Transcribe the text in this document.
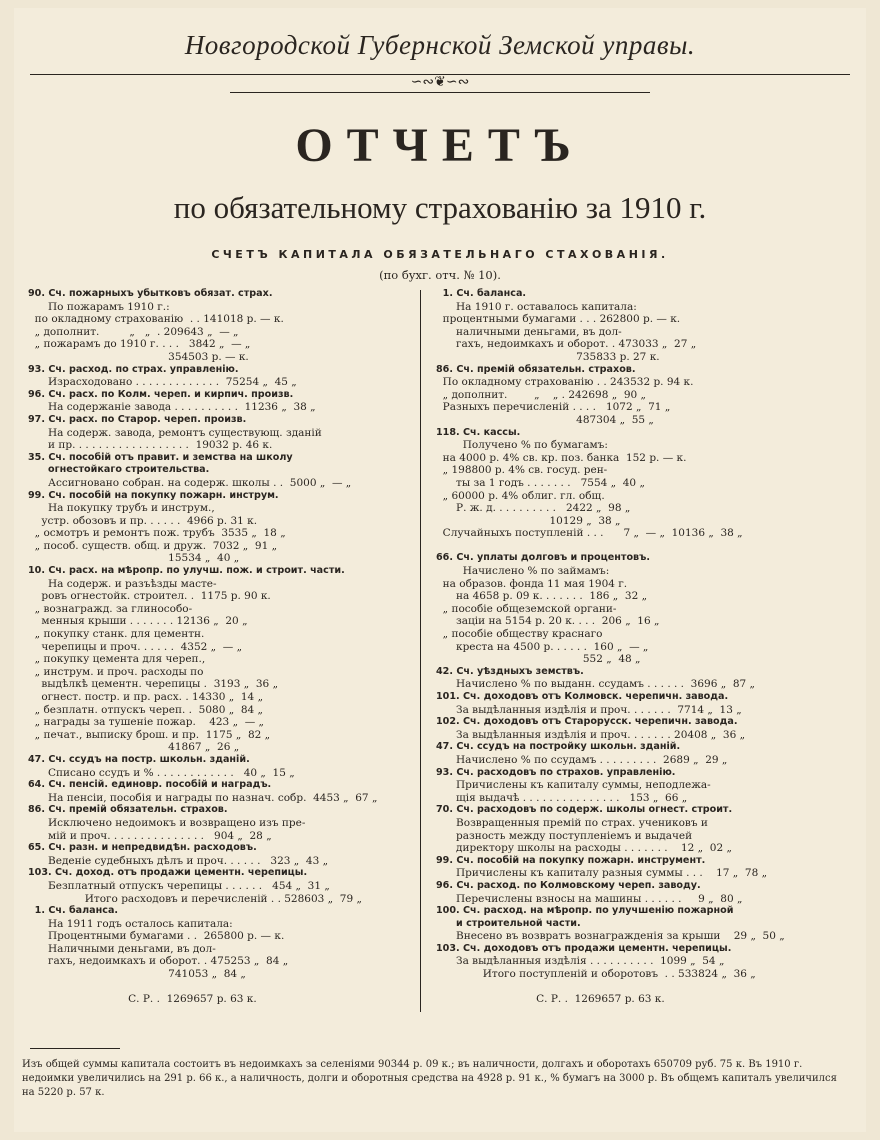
Новгородской Губернской Земской управы.
∽∾❦∽∾
ОТЧЕТЪ
по обязательному страхованію за 1910 г.
СЧЕТЪ КАПИТАЛА ОБЯЗАТЕЛЬНАГО СТАХОВАНІЯ.
(по бухг. отч. № 10).
90. Сч. пожарныхъ убытковъ обязат. страх.
По пожарамъ 1910 г.:
по окладному страхованію  . . 141018 р. — к.
„ дополнит.         „   „  . 209643 „  — „
„ пожарамъ до 1910 г. . . .   3842 „  — „
354503 р. — к.
93. Сч. расход. по страх. управленію.
Израсходовано . . . . . . . . . . . . .  75254 „  45 „
96. Сч. расх. по Колм. череп. и кирпич. произв.
На содержаніе завода . . . . . . . . . .  11236 „  38 „
97. Сч. расх. по Старор. череп. произв.
На содерж. завода, ремонтъ существующ. зданій
и пр. . . . . . . . . . . . . . . . . .  19032 р. 46 к.
35. Сч. пособій отъ правит. и земства на школу
огнестойкаго строительства.
Ассигновано собран. на содерж. школы . .  5000 „  — „
99. Сч. пособій на покупку пожарн. инструм.
На покупку трубъ и инструм.,
устр. обозовъ и пр. . . . . .  4966 р. 31 к.
„ осмотръ и ремонтъ пож. трубъ  3535 „  18 „
„ пособ. существ. общ. и друж.  7032 „  91 „
15534 „  40 „
10. Сч. расх. на мѣропр. по улучш. пож. и строит. части.
На содерж. и разъѣзды масте-
ровъ огнестойк. строител. .  1175 р. 90 к.
„ вознагражд. за глинособо-
менныя крыши . . . . . . . 12136 „  20 „
„ покупку станк. для цементн.
черепицы и проч. . . . . .  4352 „  — „
„ покупку цемента для череп.,
„ инструм. и проч. расходы по
выдѣлкѣ цементн. черепицы .  3193 „  36 „
огнест. постр. и пр. расх. . 14330 „  14 „
„ безплатн. отпускъ череп. .  5080 „  84 „
„ награды за тушеніе пожар.    423 „  — „
„ печат., выписку брош. и пр.  1175 „  82 „
41867 „  26 „
47. Сч. ссудъ на постр. школьн. зданій.
Списано ссудъ и % . . . . . . . . . . . .   40 „  15 „
64. Сч. пенсій. единовр. пособій и наградъ.
На пенсіи, пособія и награды по назнач. собр.  4453 „  67 „
86. Сч. премій обязательн. страхов.
Исключено недоимокъ и возвращено изъ пре-
мій и проч. . . . . . . . . . . . . . .   904 „  28 „
65. Сч. разн. и непредвидѣн. расходовъ.
Веденіе судебныхъ дѣлъ и проч. . . . . .   323 „  43 „
103. Сч. доход. отъ продажи цементн. черепицы.
Безплатный отпускъ черепицы . . . . . .   454 „  31 „
Итого расходовъ и перечисленій . . 528603 „  79 „
1. Сч. баланса.
На 1911 годъ осталось капитала:
Процентными бумагами . .  265800 р. — к.
Наличными деньгами, въ дол-
гахъ, недоимкахъ и оборот. . 475253 „  84 „
741053 „  84 „
С. Р. .  1269657 р. 63 к.
1. Сч. баланса.
На 1910 г. оставалось капитала:
процентными бумагами . . . 262800 р. — к.
наличными деньгами, въ дол-
гахъ, недоимкахъ и оборот. . 473033 „  27 „
735833 р. 27 к.
86. Сч. премій обязательн. страхов.
По окладному страхованію . . 243532 р. 94 к.
„ дополнит.        „    „ . 242698 „  90 „
Разныхъ перечисленій . . . .   1072 „  71 „
487304 „  55 „
118. Сч. кассы.
Получено % по бумагамъ:
на 4000 р. 4% св. кр. поз. банка  152 р. — к.
„ 198800 р. 4% св. госуд. рен-
ты за 1 годъ . . . . . . .   7554 „  40 „
„ 60000 р. 4% облиг. гл. общ.
Р. ж. д. . . . . . . . . .   2422 „  98 „
10129 „  38 „
Случайныхъ поступленій . . .      7 „  — „  10136 „  38 „
66. Сч. уплаты долговъ и процентовъ.
Начислено % по займамъ:
на образов. фонда 11 мая 1904 г.
на 4658 р. 09 к. . . . . . .  186 „  32 „
„ пособіе общеземской органи-
заціи на 5154 р. 20 к. . . .  206 „  16 „
„ пособіе обществу краснаго
креста на 4500 р. . . . . .  160 „  — „
552 „  48 „
42. Сч. уѣздныхъ земствъ.
Начислено % по выданн. ссудамъ . . . . . .  3696 „  87 „
101. Сч. доходовъ отъ Колмовск. черепичн. завода.
За выдѣланныя издѣлія и проч. . . . . . .  7714 „  13 „
102. Сч. доходовъ отъ Старорусск. черепичн. завода.
За выдѣланныя издѣлія и проч. . . . . . . 20408 „  36 „
47. Сч. ссудъ на постройку школьн. зданій.
Начислено % по ссудамъ . . . . . . . . .  2689 „  29 „
93. Сч. расходовъ по страхов. управленію.
Причислены къ капиталу суммы, неподлежа-
щія выдачѣ . . . . . . . . . . . . . . .   153 „  66 „
70. Сч. расходовъ по содерж. школы огнест. строит.
Возвращенныя премій по страх. учениковъ и
разность между поступленіемъ и выдачей
директору школы на расходы . . . . . . .    12 „  02 „
99. Сч. пособій на покупку пожарн. инструмент.
Причислены къ капиталу разныя суммы . . .    17 „  78 „
96. Сч. расход. по Колмовскому череп. заводу.
Перечислены взносы на машины . . . . . .     9 „  80 „
100. Сч. расход. на мѣропр. по улучшенію пожарной
и строительной части.
Внесено въ возвратъ вознагражденія за крыши    29 „  50 „
103. Сч. доходовъ отъ продажи цементн. черепицы.
За выдѣланныя издѣлія . . . . . . . . . .  1099 „  54 „
Итого поступленій и оборотовъ  . . 533824 „  36 „
С. Р. .  1269657 р. 63 к.
Изъ общей суммы капитала состоитъ въ недоимкахъ за селеніями 90344 р. 09 к.; въ наличности, долгахъ и оборотахъ 650709 руб. 75 к. Въ 1910 г. недоимки увеличились на 291 р. 66 к., а наличность, долги и оборотныя средства на 4928 р. 91 к., % бумагъ на 3000 р. Въ общемъ капиталъ увеличился на 5220 р. 57 к.
